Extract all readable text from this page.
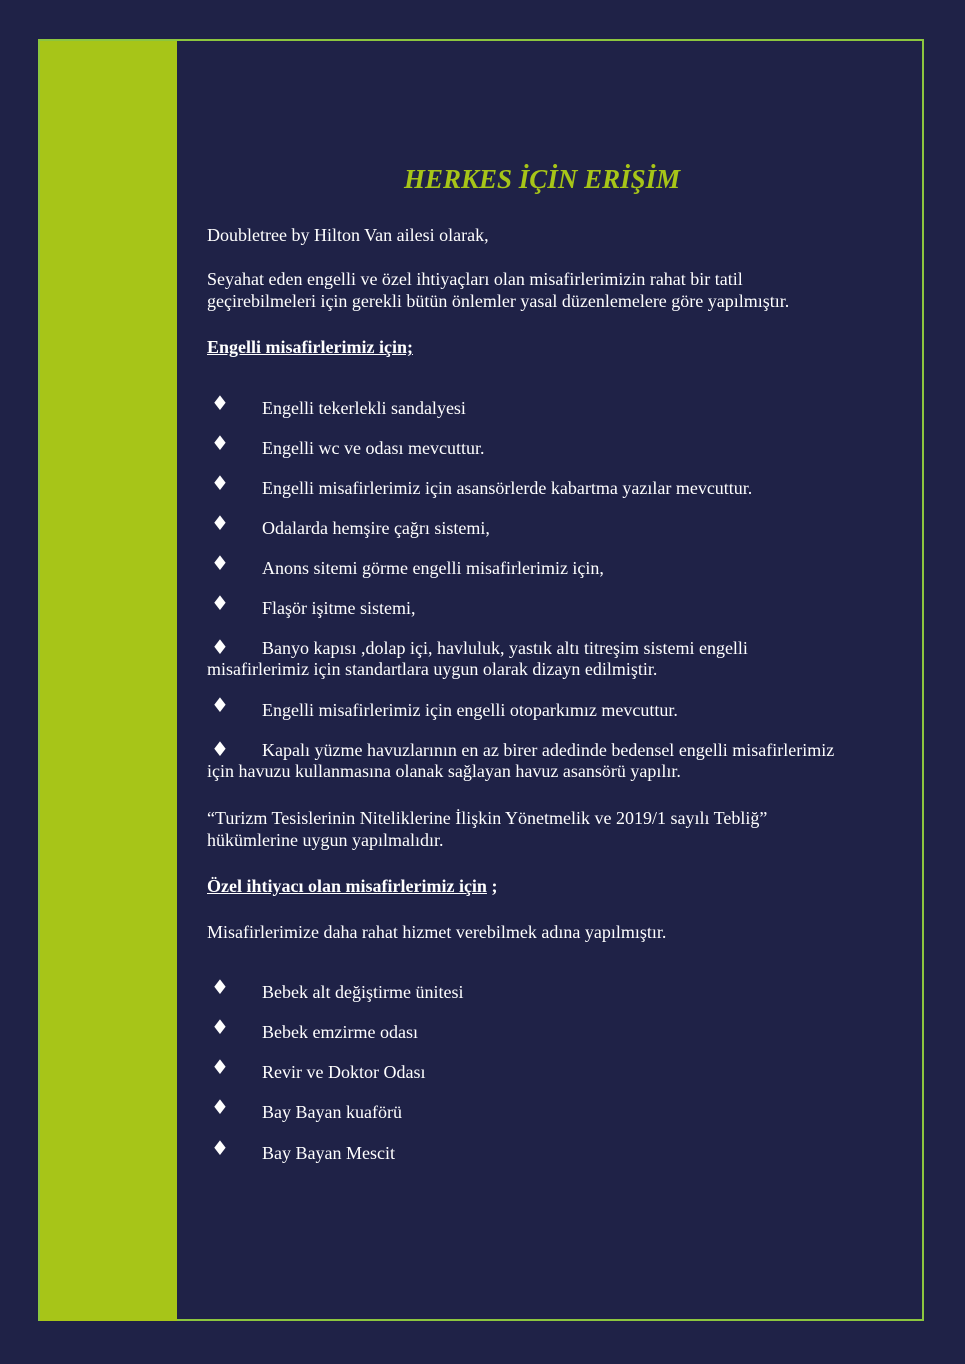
HERKES İÇİN ERİŞİM

Doubletree by Hilton Van ailesi olarak,

Seyahat eden engelli ve özel ihtiyaçları olan misafirlerimizin rahat bir tatil
geçirebilmeleri için gerekli bütün önlemler yasal düzenlemelere göre yapılmıştır.

Engelli misafirlerimiz için;

♦ Engelli tekerlekli sandalyesi

♦ Engelli wc ve odası mevcuttur.

♦ Engelli misafirlerimiz için asansörlerde kabartma yazılar mevcuttur.

♦ Odalarda hemşire çağrı sistemi,

♦ Anons sitemi görme engelli misafirlerimiz için,

♦ Flaşör işitme sistemi,

♦ Banyo kapısı ,dolap içi, havluluk, yastık altı titreşim sistemi engelli
misafirlerimiz için standartlara uygun olarak dizayn edilmiştir.

♦ Engelli misafirlerimiz için engelli otoparkımız mevcuttur.

♦ Kapalı yüzme havuzlarının en az birer adedinde bedensel engelli misafirlerimiz
için havuzu kullanmasına olanak sağlayan havuz asansörü yapılır.

“Turizm Tesislerinin Niteliklerine İlişkin Yönetmelik ve 2019/1 sayılı Tebliğ”
hükümlerine uygun yapılmalıdır.

Özel ihtiyacı olan misafirlerimiz için ;

Misafirlerimize daha rahat hizmet verebilmek adına yapılmıştır.

♦ Bebek alt değiştirme ünitesi

♦ Bebek emzirme odası

♦ Revir ve Doktor Odası

♦ Bay Bayan kuaförü

♦ Bay Bayan Mescit
